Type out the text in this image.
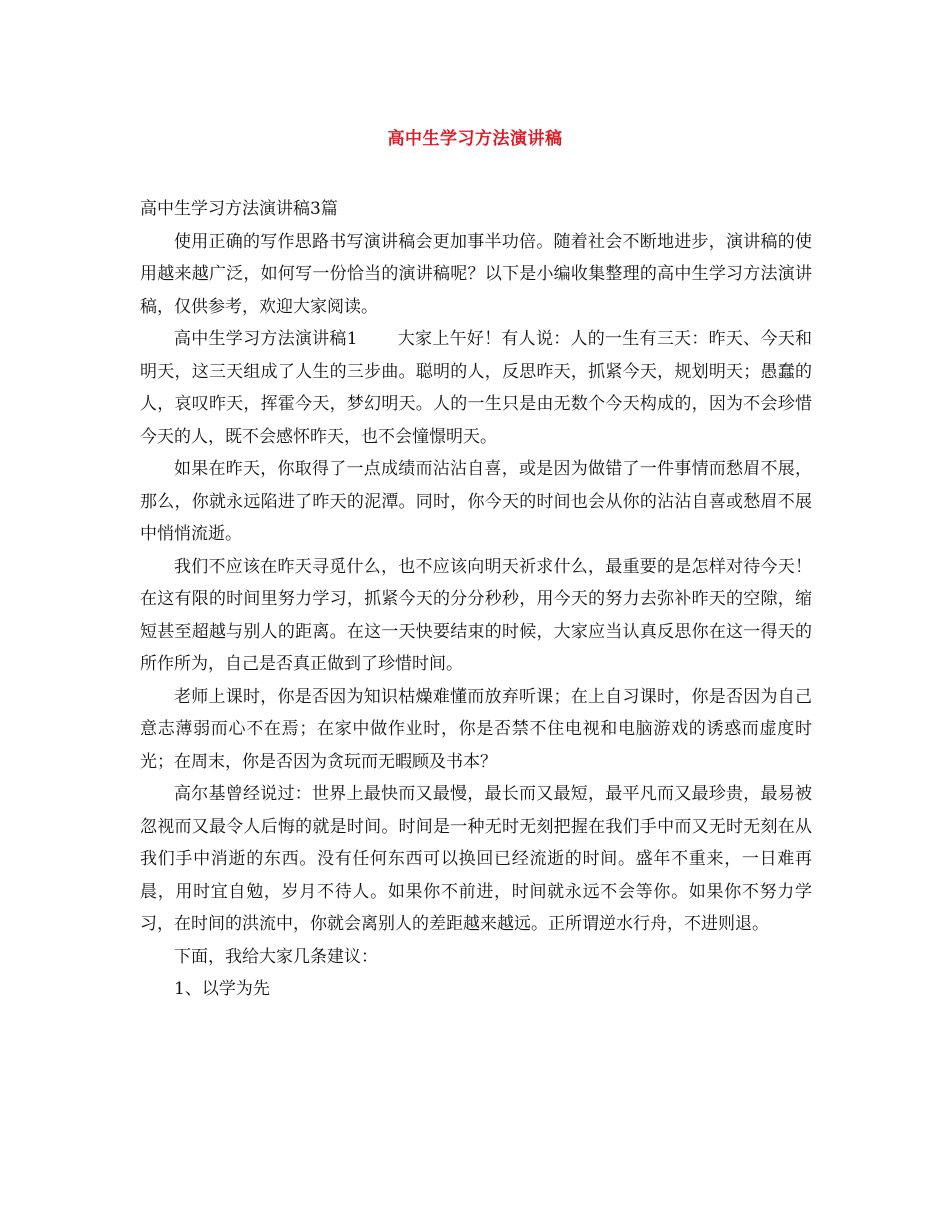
高中生学习方法演讲稿

高中生学习方法演讲稿3篇

使用正确的写作思路书写演讲稿会更加事半功倍。随着社会不断地进步，演讲稿的使用越来越广泛，如何写一份恰当的演讲稿呢？以下是小编收集整理的高中生学习方法演讲稿，仅供参考，欢迎大家阅读。

高中生学习方法演讲稿1 大家上午好！有人说：人的一生有三天：昨天、今天和明天，这三天组成了人生的三步曲。聪明的人，反思昨天，抓紧今天，规划明天；愚蠢的人，哀叹昨天，挥霍今天，梦幻明天。人的一生只是由无数个今天构成的，因为不会珍惜今天的人，既不会感怀昨天，也不会憧憬明天。

如果在昨天，你取得了一点成绩而沾沾自喜，或是因为做错了一件事情而愁眉不展，那么，你就永远陷进了昨天的泥潭。同时，你今天的时间也会从你的沾沾自喜或愁眉不展中悄悄流逝。

我们不应该在昨天寻觅什么，也不应该向明天祈求什么，最重要的是怎样对待今天！在这有限的时间里努力学习，抓紧今天的分分秒秒，用今天的努力去弥补昨天的空隙，缩短甚至超越与别人的距离。在这一天快要结束的时候，大家应当认真反思你在这一得天的所作所为，自己是否真正做到了珍惜时间。

老师上课时，你是否因为知识枯燥难懂而放弃听课；在上自习课时，你是否因为自己意志薄弱而心不在焉；在家中做作业时，你是否禁不住电视和电脑游戏的诱惑而虚度时光；在周末，你是否因为贪玩而无暇顾及书本？

高尔基曾经说过：世界上最快而又最慢，最长而又最短，最平凡而又最珍贵，最易被忽视而又最令人后悔的就是时间。时间是一种无时无刻把握在我们手中而又无时无刻在从我们手中消逝的东西。没有任何东西可以换回已经流逝的时间。盛年不重来，一日难再晨，用时宜自勉，岁月不待人。如果你不前进，时间就永远不会等你。如果你不努力学习，在时间的洪流中，你就会离别人的差距越来越远。正所谓逆水行舟，不进则退。

下面，我给大家几条建议：

1、以学为先
